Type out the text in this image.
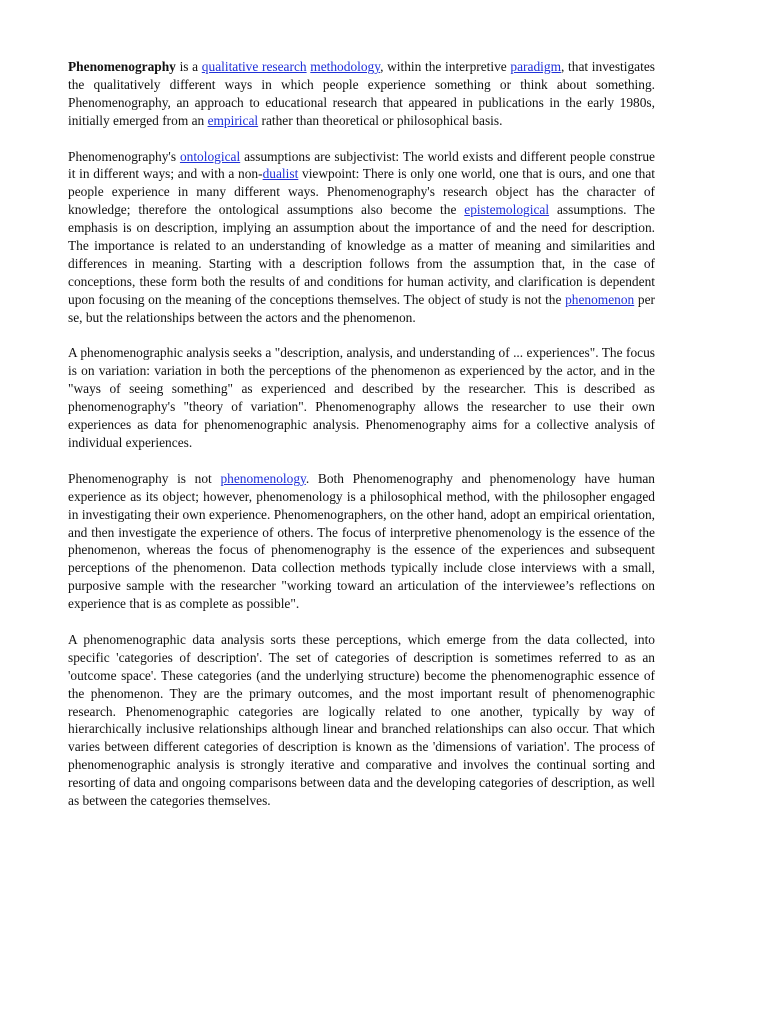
Phenomenography is a qualitative research methodology, within the interpretive paradigm, that investigates the qualitatively different ways in which people experience something or think about something. Phenomenography, an approach to educational research that appeared in publications in the early 1980s, initially emerged from an empirical rather than theoretical or philosophical basis.

Phenomenography's ontological assumptions are subjectivist: The world exists and different people construe it in different ways; and with a non-dualist viewpoint: There is only one world, one that is ours, and one that people experience in many different ways. Phenomenography's research object has the character of knowledge; therefore the ontological assumptions also become the epistemological assumptions. The emphasis is on description, implying an assumption about the importance of and the need for description. The importance is related to an understanding of knowledge as a matter of meaning and similarities and differences in meaning. Starting with a description follows from the assumption that, in the case of conceptions, these form both the results of and conditions for human activity, and clarification is dependent upon focusing on the meaning of the conceptions themselves. The object of study is not the phenomenon per se, but the relationships between the actors and the phenomenon.

A phenomenographic analysis seeks a "description, analysis, and understanding of ... experiences". The focus is on variation: variation in both the perceptions of the phenomenon as experienced by the actor, and in the "ways of seeing something" as experienced and described by the researcher. This is described as phenomenography's "theory of variation". Phenomenography allows the researcher to use their own experiences as data for phenomenographic analysis. Phenomenography aims for a collective analysis of individual experiences.

Phenomenography is not phenomenology. Both Phenomenography and phenomenology have human experience as its object; however, phenomenology is a philosophical method, with the philosopher engaged in investigating their own experience. Phenomenographers, on the other hand, adopt an empirical orientation, and then investigate the experience of others. The focus of interpretive phenomenology is the essence of the phenomenon, whereas the focus of phenomenography is the essence of the experiences and subsequent perceptions of the phenomenon. Data collection methods typically include close interviews with a small, purposive sample with the researcher "working toward an articulation of the interviewee’s reflections on experience that is as complete as possible".

A phenomenographic data analysis sorts these perceptions, which emerge from the data collected, into specific 'categories of description'. The set of categories of description is sometimes referred to as an 'outcome space'. These categories (and the underlying structure) become the phenomenographic essence of the phenomenon. They are the primary outcomes, and the most important result of phenomenographic research. Phenomenographic categories are logically related to one another, typically by way of hierarchically inclusive relationships although linear and branched relationships can also occur. That which varies between different categories of description is known as the 'dimensions of variation'. The process of phenomenographic analysis is strongly iterative and comparative and involves the continual sorting and resorting of data and ongoing comparisons between data and the developing categories of description, as well as between the categories themselves.
